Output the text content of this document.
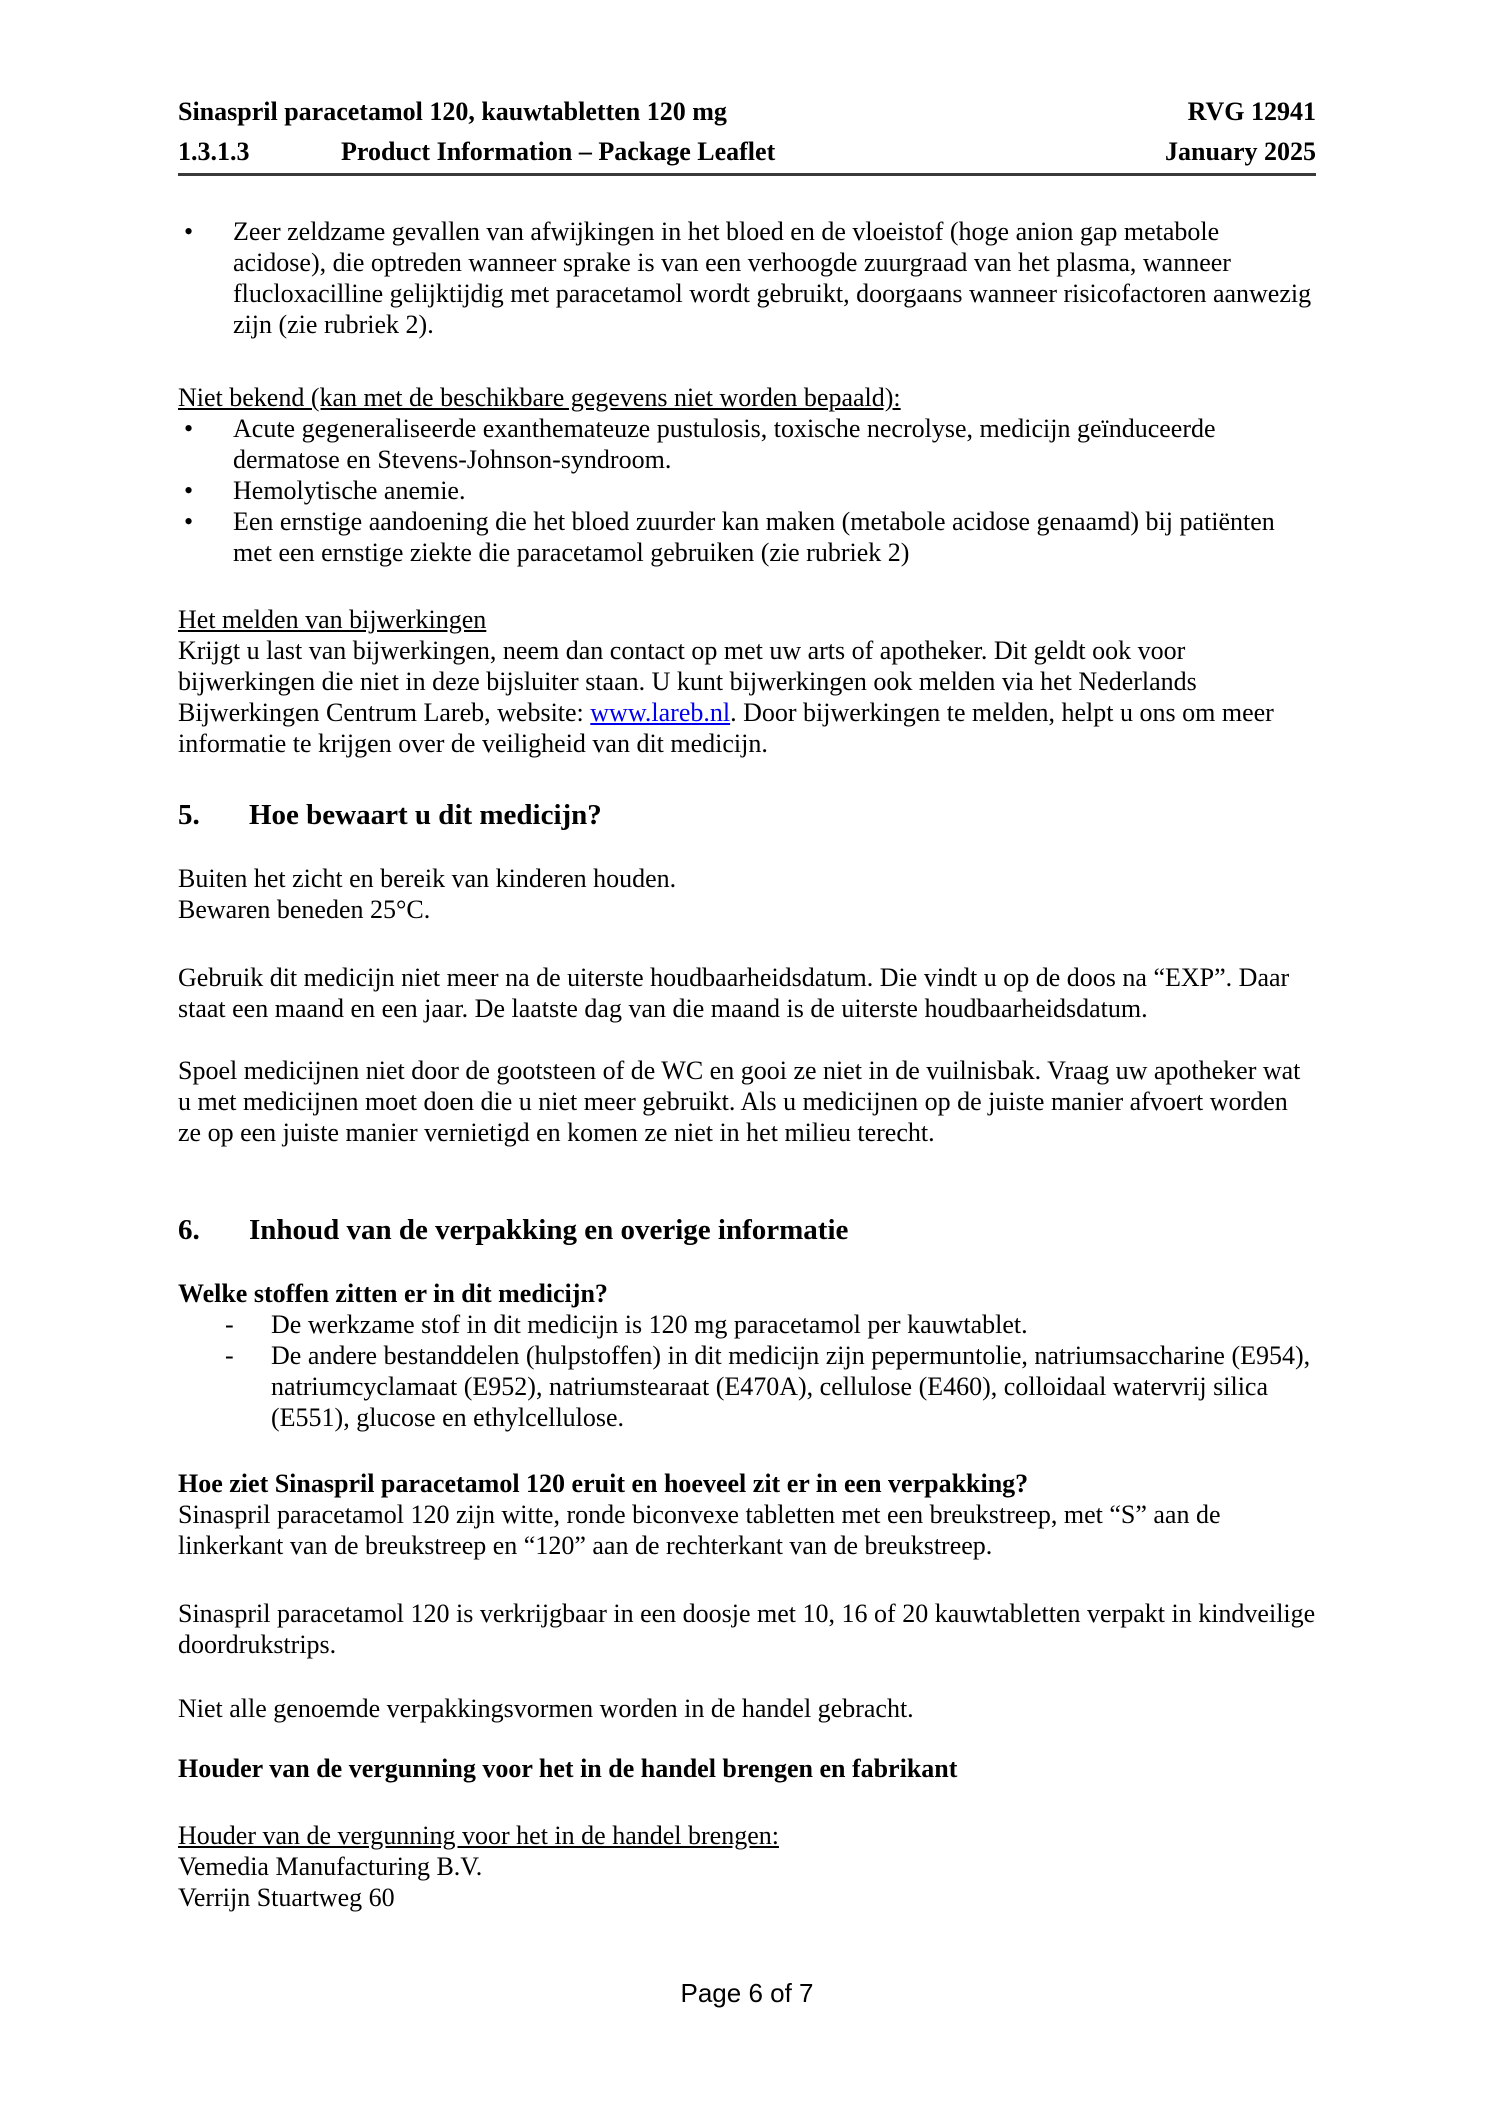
Sinaspril paracetamol 120, kauwtabletten 120 mg	RVG 12941
1.3.1.3	Product Information – Package Leaflet	January 2025
• Zeer zeldzame gevallen van afwijkingen in het bloed en de vloeistof (hoge anion gap metabole acidose), die optreden wanneer sprake is van een verhoogde zuurgraad van het plasma, wanneer flucloxacilline gelijktijdig met paracetamol wordt gebruikt, doorgaans wanneer risicofactoren aanwezig zijn (zie rubriek 2).

Niet bekend (kan met de beschikbare gegevens niet worden bepaald):

• Acute gegeneraliseerde exanthemateuze pustulosis, toxische necrolyse, medicijn geïnduceerde dermatose en Stevens-Johnson-syndroom.
• Hemolytische anemie.
• Een ernstige aandoening die het bloed zuurder kan maken (metabole acidose genaamd) bij patiënten met een ernstige ziekte die paracetamol gebruiken (zie rubriek 2)

Het melden van bijwerkingen

Krijgt u last van bijwerkingen, neem dan contact op met uw arts of apotheker. Dit geldt ook voor bijwerkingen die niet in deze bijsluiter staan. U kunt bijwerkingen ook melden via het Nederlands Bijwerkingen Centrum Lareb, website: www.lareb.nl. Door bijwerkingen te melden, helpt u ons om meer informatie te krijgen over de veiligheid van dit medicijn.

5. Hoe bewaart u dit medicijn?

Buiten het zicht en bereik van kinderen houden.

Bewaren beneden 25°C.

Gebruik dit medicijn niet meer na de uiterste houdbaarheidsdatum. Die vindt u op de doos na “EXP”. Daar staat een maand en een jaar. De laatste dag van die maand is de uiterste houdbaarheidsdatum.

Spoel medicijnen niet door de gootsteen of de WC en gooi ze niet in de vuilnisbak. Vraag uw apotheker wat u met medicijnen moet doen die u niet meer gebruikt. Als u medicijnen op de juiste manier afvoert worden ze op een juiste manier vernietigd en komen ze niet in het milieu terecht.

6. Inhoud van de verpakking en overige informatie

Welke stoffen zitten er in dit medicijn?

- De werkzame stof in dit medicijn is 120 mg paracetamol per kauwtablet.
- De andere bestanddelen (hulpstoffen) in dit medicijn zijn pepermuntolie, natriumsaccharine (E954), natriumcyclamaat (E952), natriumstearaat (E470A), cellulose (E460), colloidaal watervrij silica (E551), glucose en ethylcellulose.

Hoe ziet Sinaspril paracetamol 120 eruit en hoeveel zit er in een verpakking?

Sinaspril paracetamol 120 zijn witte, ronde biconvexe tabletten met een breukstreep, met “S” aan de linkerkant van de breukstreep en “120” aan de rechterkant van de breukstreep.

Sinaspril paracetamol 120 is verkrijgbaar in een doosje met 10, 16 of 20 kauwtabletten verpakt in kindveilige doordrukstrips.

Niet alle genoemde verpakkingsvormen worden in de handel gebracht.

Houder van de vergunning voor het in de handel brengen en fabrikant

Houder van de vergunning voor het in de handel brengen:

Vemedia Manufacturing B.V.

Verrijn Stuartweg 60

Page 6 of 7
